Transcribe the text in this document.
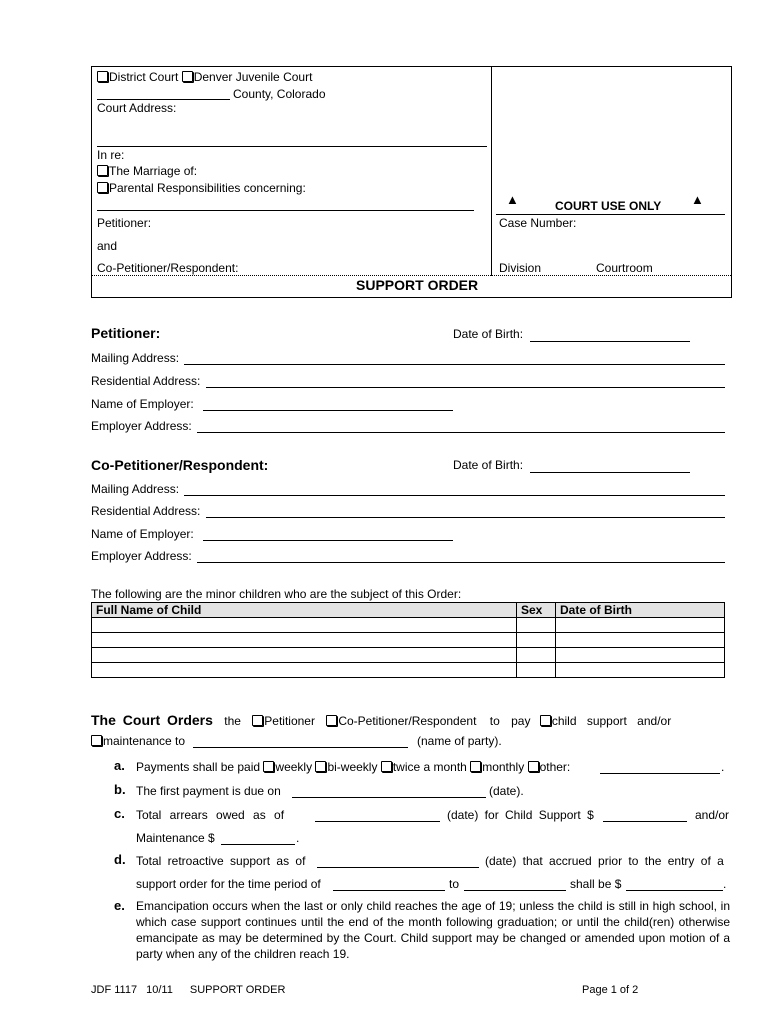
District Court Denver Juvenile Court
County, Colorado
Court Address:
In re:
The Marriage of:
Parental Responsibilities concerning:
Petitioner:
and
Co-Petitioner/Respondent:
▲	COURT USE ONLY ▲
Case Number:
Division	Courtroom
SUPPORT ORDER
Petitioner:	Date of Birth:
Mailing Address:
Residential Address:
Name of Employer:
Employer Address:
Co-Petitioner/Respondent:	Date of Birth:
Mailing Address:
Residential Address:
Name of Employer:
Employer Address:
The following are the minor children who are the subject of this Order:
Full Name of Child	Sex	Date of Birth

The Court Orders the Petitioner Co-Petitioner/Respondent to pay child support and/or
maintenance to	(name of party).
a. Payments shall be paid weekly bi-weekly twice a month monthly other:	.
b. The first payment is due on	(date).
c. Total arrears owed as of	(date) for Child Support $	and/or
Maintenance $	.
d. Total retroactive support as of	(date) that accrued prior to the entry of a
support order for the time period of	to	shall be $	.
e. Emancipation occurs when the last or only child reaches the age of 19; unless the child is still in high school, in which case support continues until the end of the month following graduation; or until the child(ren) otherwise emancipate as may be determined by the Court. Child support may be changed or amended upon motion of a party when any of the children reach 19.
JDF 1117 10/11 SUPPORT ORDER	Page 1 of 2
